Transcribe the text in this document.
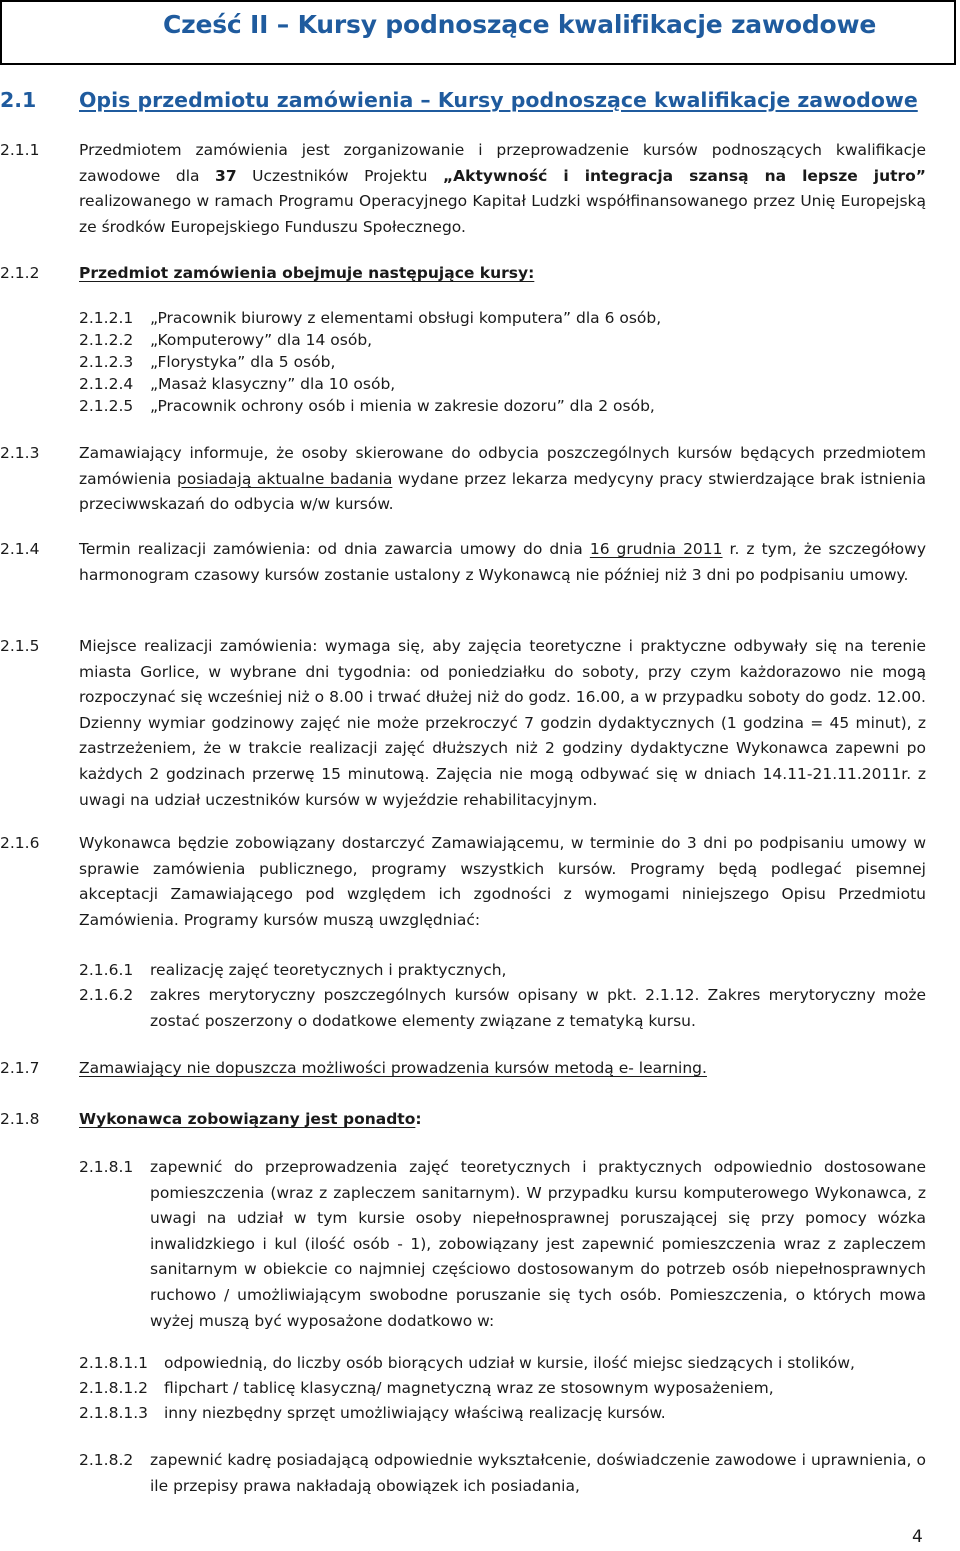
Cześć II – Kursy podnoszące kwalifikacje zawodowe
2.1 Opis przedmiotu zamówienia – Kursy podnoszące kwalifikacje zawodowe
2.1.1	Przedmiotem zamówienia jest zorganizowanie i przeprowadzenie kursów podnoszących kwalifikacje zawodowe dla 37 Uczestników Projektu „Aktywność i integracja szansą na lepsze jutro” realizowanego w ramach Programu Operacyjnego Kapitał Ludzki współfinansowanego przez Unię Europejską ze środków Europejskiego Funduszu Społecznego.
2.1.2	Przedmiot zamówienia obejmuje następujące kursy:
2.1.2.1 „Pracownik biurowy z elementami obsługi komputera” dla 6 osób,
2.1.2.2 „Komputerowy” dla 14 osób,
2.1.2.3 „Florystyka” dla 5 osób,
2.1.2.4 „Masaż klasyczny” dla 10 osób,
2.1.2.5 „Pracownik ochrony osób i mienia w zakresie dozoru” dla 2 osób,
2.1.3	Zamawiający informuje, że osoby skierowane do odbycia poszczególnych kursów będących przedmiotem zamówienia posiadają aktualne badania wydane przez lekarza medycyny pracy stwierdzające brak istnienia przeciwwskazań do odbycia w/w kursów.
2.1.4	Termin realizacji zamówienia: od dnia zawarcia umowy do dnia 16 grudnia 2011 r. z tym, że szczegółowy harmonogram czasowy kursów zostanie ustalony z Wykonawcą nie później niż 3 dni po podpisaniu umowy.
2.1.5	Miejsce realizacji zamówienia: wymaga się, aby zajęcia teoretyczne i praktyczne odbywały się na terenie miasta Gorlice, w wybrane dni tygodnia: od poniedziałku do soboty, przy czym każdorazowo nie mogą rozpoczynać się wcześniej niż o 8.00 i trwać dłużej niż do godz. 16.00, a w przypadku soboty do godz. 12.00. Dzienny wymiar godzinowy zajęć nie może przekroczyć 7 godzin dydaktycznych (1 godzina = 45 minut), z zastrzeżeniem, że w trakcie realizacji zajęć dłuższych niż 2 godziny dydaktyczne Wykonawca zapewni po każdych 2 godzinach przerwę 15 minutową. Zajęcia nie mogą odbywać się w dniach 14.11-21.11.2011r. z uwagi na udział uczestników kursów w wyjeździe rehabilitacyjnym.
2.1.6	Wykonawca będzie zobowiązany dostarczyć Zamawiającemu, w terminie do 3 dni po podpisaniu umowy w sprawie zamówienia publicznego, programy wszystkich kursów. Programy będą podlegać pisemnej akceptacji Zamawiającego pod względem ich zgodności z wymogami niniejszego Opisu Przedmiotu Zamówienia. Programy kursów muszą uwzględniać:
2.1.6.1 realizację zajęć teoretycznych i praktycznych,
2.1.6.2 zakres merytoryczny poszczególnych kursów opisany w pkt. 2.1.12. Zakres merytoryczny może zostać poszerzony o dodatkowe elementy związane z tematyką kursu.
2.1.7	Zamawiający nie dopuszcza możliwości prowadzenia kursów metodą e- learning.
2.1.8	Wykonawca zobowiązany jest ponadto:
2.1.8.1 zapewnić do przeprowadzenia zajęć teoretycznych i praktycznych odpowiednio dostosowane pomieszczenia (wraz z zapleczem sanitarnym). W przypadku kursu komputerowego Wykonawca, z uwagi na udział w tym kursie osoby niepełnosprawnej poruszającej się przy pomocy wózka inwalidzkiego i kul (ilość osób - 1), zobowiązany jest zapewnić pomieszczenia wraz z zapleczem sanitarnym w obiekcie co najmniej częściowo dostosowanym do potrzeb osób niepełnosprawnych ruchowo / umożliwiającym swobodne poruszanie się tych osób. Pomieszczenia, o których mowa wyżej muszą być wyposażone dodatkowo w:
2.1.8.1.1 odpowiednią, do liczby osób biorących udział w kursie, ilość miejsc siedzących i stolików,
2.1.8.1.2 flipchart / tablicę klasyczną/ magnetyczną wraz ze stosownym wyposażeniem,
2.1.8.1.3 inny niezbędny sprzęt umożliwiający właściwą realizację kursów.
2.1.8.2 zapewnić kadrę posiadającą odpowiednie wykształcenie, doświadczenie zawodowe i uprawnienia, o ile przepisy prawa nakładają obowiązek ich posiadania,
4
